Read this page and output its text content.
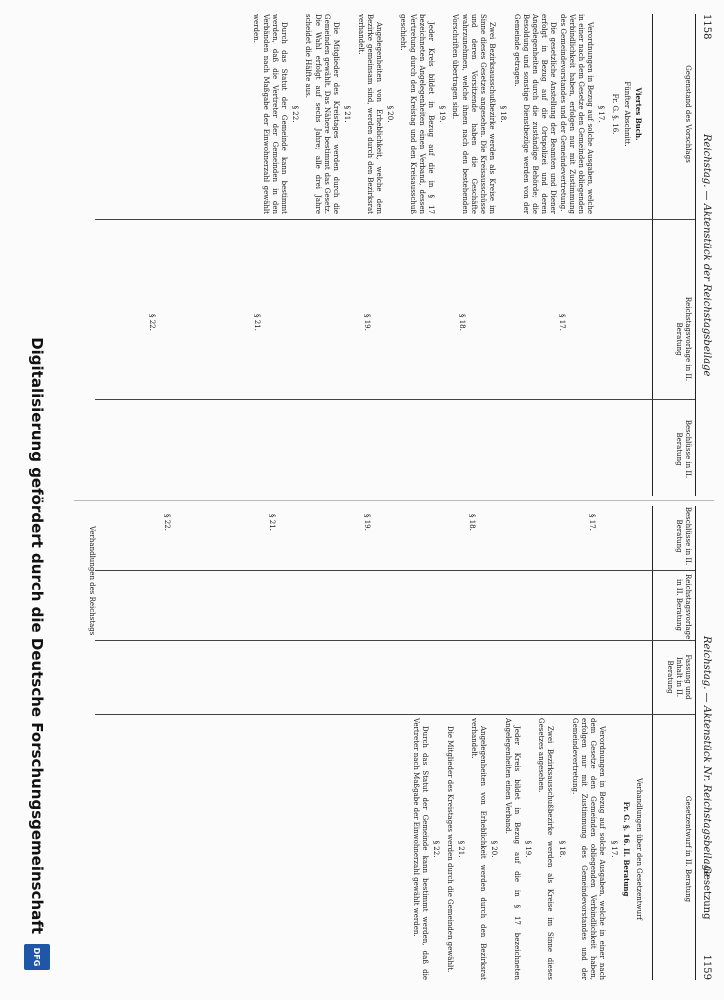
1158
Reichstag. — Aktenstück der Reichstagsbeilage
Gegenstand des Vorschlags
Reichstagsvorlage in II. Beratung
Beschlüsse in II. Beratung
Viertes Buch.
Fünfter Abschnitt.
Fr. G. §. 16.
§ 17.

Verordnungen in Bezug auf solche Ausgaben, welche in einer nach dem Gesetze den Gemeinden obliegenden Verbindlichkeit haben, erfolgen nur mit Zustimmung des Gemeindevorstandes und der Gemeindevertretung.

Die gesetzliche Anstellung der Beamten und Diener erfolgt in Bezug auf die Ortspolizei und deren Angelegenheiten durch die zuständige Behörde; die Besoldung und sonstige Dienstbezüge werden von der Gemeinde getragen.

§ 18.

Zwei Bezirksausschußbezirke werden als Kreise im Sinne dieses Gesetzes angesehen. Die Kreisausschüsse und deren Vorsitzende haben die Geschäfte wahrzunehmen, welche ihnen nach den bestehenden Vorschriften übertragen sind.

§ 19.

Jeder Kreis bildet in Bezug auf die in § 17 bezeichneten Angelegenheiten einen Verband, dessen Vertretung durch den Kreistag und den Kreisausschuß geschieht.

§ 20.

Angelegenheiten von Erheblichkeit, welche dem Bezirke gemeinsam sind, werden durch den Bezirksrat verhandelt.

§ 21.

Die Mitglieder des Kreistages werden durch die Gemeinden gewählt. Das Nähere bestimmt das Gesetz. Die Wahl erfolgt auf sechs Jahre; alle drei Jahre scheidet die Hälfte aus.

§ 22.

Durch das Statut der Gemeinde kann bestimmt werden, daß die Vertreter der Gemeinden in den Verbänden nach Maßgabe der Einwohnerzahl gewählt werden.

§ 17.
§ 18.
§ 19.
§ 21.
§ 22.
Reichstag. — Aktenstück Nr. Reichstagsbeilage
Gesetzung
1159
Beschlüsse in II. Beratung
Reichstagsvorlage in II. Beratung
Fassung und Inhalt in II. Beratung
Gesetzentwurf in II. Beratung
Verhandlungen über den Gesetzentwurf
Fr. G. §. 16. II. Beratung
§ 17.

Verordnungen in Bezug auf solche Ausgaben, welche in einer nach dem Gesetze den Gemeinden obliegenden Verbindlichkeit haben, erfolgen nur mit Zustimmung des Gemeindevorstandes und der Gemeindevertretung.

§ 18.

Zwei Bezirksausschußbezirke werden als Kreise im Sinne dieses Gesetzes angesehen.

§ 19.

Jeder Kreis bildet in Bezug auf die in § 17 bezeichneten Angelegenheiten einen Verband.

§ 20.

Angelegenheiten von Erheblichkeit werden durch den Bezirksrat verhandelt.

§ 21.

Die Mitglieder des Kreistages werden durch die Gemeinden gewählt.

§ 22.

Durch das Statut der Gemeinde kann bestimmt werden, daß die Vertreter nach Maßgabe der Einwohnerzahl gewählt werden.

§ 17.
§ 18.
§ 19.
§ 21.
§ 22.
Verhandlungen des Reichstags
Digitalisierung gefördert durch die Deutsche Forschungsgemeinschaft
DFG
